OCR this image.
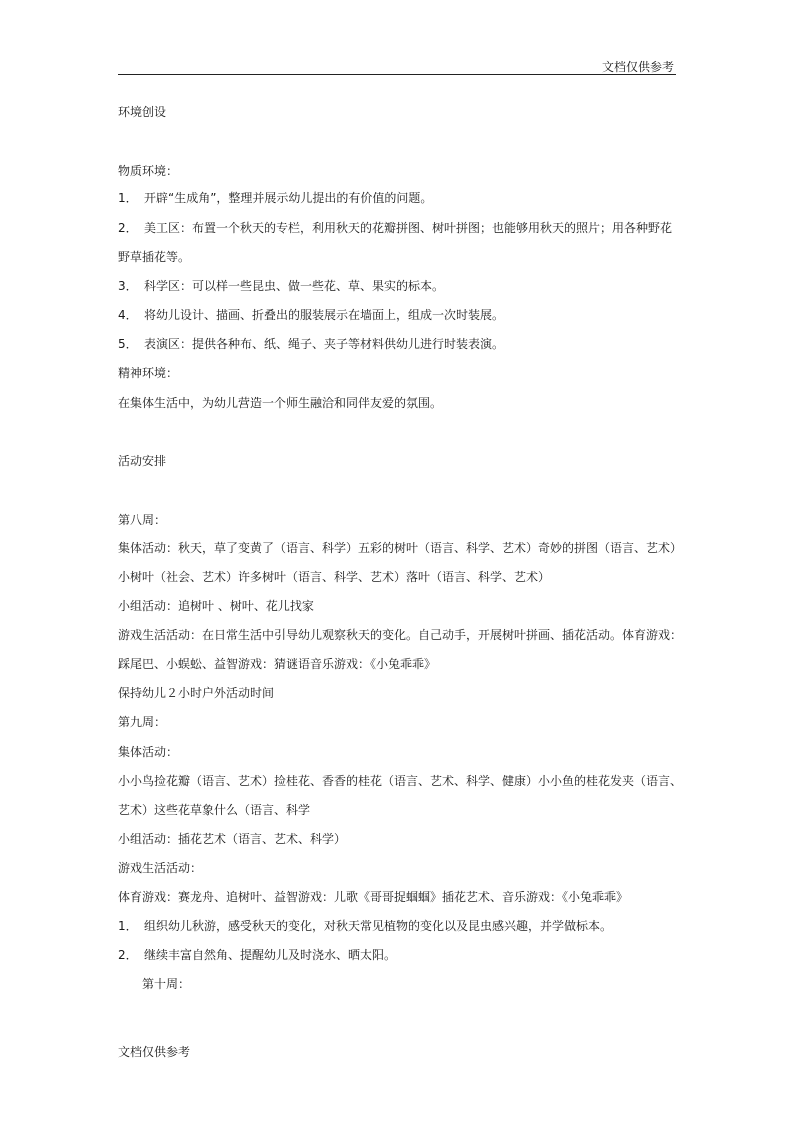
文档仅供参考
环境创设
物质环境：
1． 开辟“生成角”，整理并展示幼儿提出的有价值的问题。
2． 美工区：布置一个秋天的专栏，利用秋天的花瓣拼图、树叶拼图；也能够用秋天的照片；用各种野花
野草插花等。
3． 科学区：可以样一些昆虫、做一些花、草、果实的标本。
4． 将幼儿设计、描画、折叠出的服装展示在墙面上，组成一次时装展。
5． 表演区：提供各种布、纸、绳子、夹子等材料供幼儿进行时装表演。
精神环境：
在集体生活中，为幼儿营造一个师生融洽和同伴友爱的氛围。
活动安排
第八周：
集体活动：秋天，草了变黄了（语言、科学）五彩的树叶（语言、科学、艺术）奇妙的拼图（语言、艺术）
小树叶（社会、艺术）许多树叶（语言、科学、艺术）落叶（语言、科学、艺术）
小组活动：追树叶 、树叶、花儿找家
游戏生活活动：在日常生活中引导幼儿观察秋天的变化。自己动手，开展树叶拼画、插花活动。体育游戏：
踩尾巴、小蜈蚣、益智游戏：猜谜语音乐游戏：《小兔乖乖》
保持幼儿２小时户外活动时间
第九周：
集体活动：
小小鸟捡花瓣（语言、艺术）捡桂花、香香的桂花（语言、艺术、科学、健康）小小鱼的桂花发夹（语言、
艺术）这些花草象什么（语言、科学
小组活动：插花艺术（语言、艺术、科学）
游戏生活活动：
体育游戏：赛龙舟、追树叶、益智游戏：儿歌《哥哥捉蝈蝈》插花艺术、音乐游戏：《小兔乖乖》
1． 组织幼儿秋游，感受秋天的变化，对秋天常见植物的变化以及昆虫感兴趣，并学做标本。
2． 继续丰富自然角、提醒幼儿及时浇水、晒太阳。
第十周：
文档仅供参考
